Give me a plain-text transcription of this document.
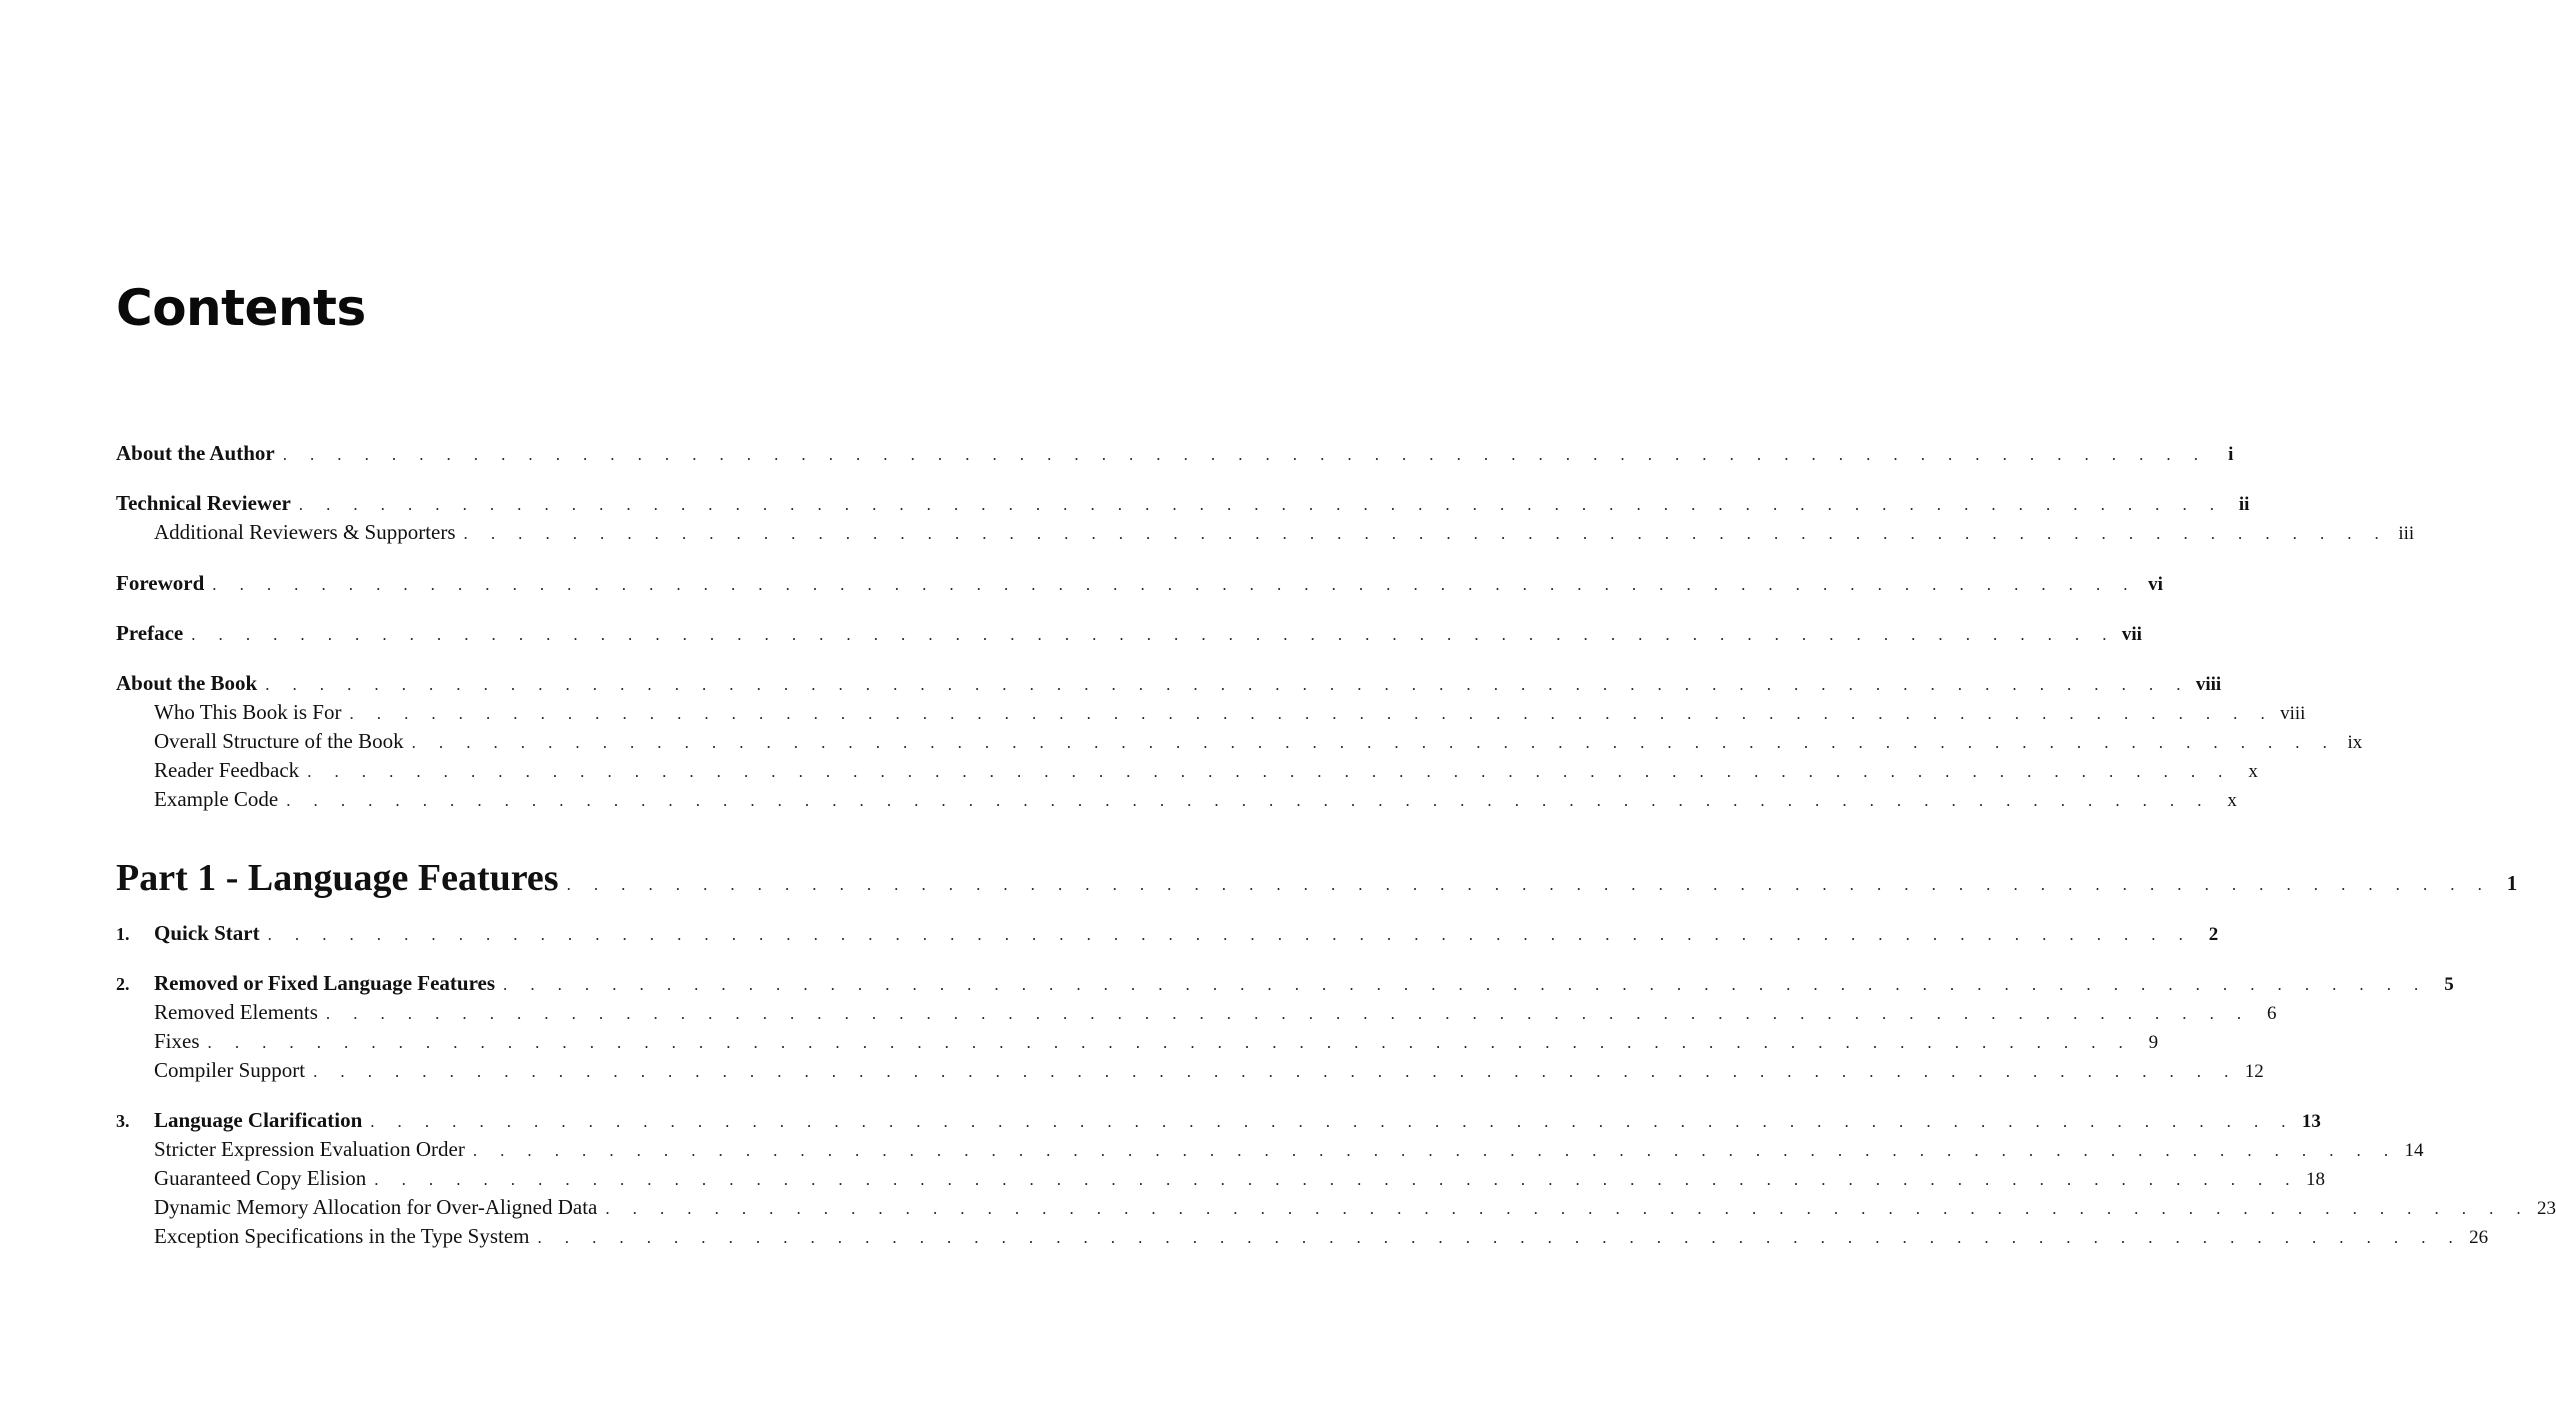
Contents
About the Author . . . . . . . . . . . . . . . . . . . . . . . . . . . . . . . . . . . . . . . . . . . . . . . . . . . . . . . . . . . . . . . . . . . . . . .	i
Technical Reviewer . . . . . . . . . . . . . . . . . . . . . . . . . . . . . . . . . . . . . . . . . . . . . . . . . . . . . . . . . . . . . . . . . . . . . . . ii
Additional Reviewers & Supporters . . . . . . . . . . . . . . . . . . . . . . . . . . . . . . . . . . . . . . . . . . . . . . . . . . . . . . . . . . . . . . . . . . . . . . . iii
Foreword . . . . . . . . . . . . . . . . . . . . . . . . . . . . . . . . . . . . . . . . . . . . . . . . . . . . . . . . . . . . . . . . . . . . . . . vi
Preface . . . . . . . . . . . . . . . . . . . . . . . . . . . . . . . . . . . . . . . . . . . . . . . . . . . . . . . . . . . . . . . . . . . . . . . vii
About the Book . . . . . . . . . . . . . . . . . . . . . . . . . . . . . . . . . . . . . . . . . . . . . . . . . . . . . . . . . . . . . . . . . . . . . . . viii
Who This Book is For . . . . . . . . . . . . . . . . . . . . . . . . . . . . . . . . . . . . . . . . . . . . . . . . . . . . . . . . . . . . . . . . . . . . . . . viii
Overall Structure of the Book . . . . . . . . . . . . . . . . . . . . . . . . . . . . . . . . . . . . . . . . . . . . . . . . . . . . . . . . . . . . . . . . . . . . . . . ix
Reader Feedback . . . . . . . . . . . . . . . . . . . . . . . . . . . . . . . . . . . . . . . . . . . . . . . . . . . . . . . . . . . . . . . . . . . . . . . x
Example Code . . . . . . . . . . . . . . . . . . . . . . . . . . . . . . . . . . . . . . . . . . . . . . . . . . . . . . . . . . . . . . . . . . . . . . . x
Part 1 - Language Features . . . . . . . . . . . . . . . . . . . . . . . . . . . . . . . . . . . . . . . . . . . . . . . . . . . . . . . . . . . . . . . . . . . . . . . 1
1.	Quick Start . . . . . . . . . . . . . . . . . . . . . . . . . . . . . . . . . . . . . . . . . . . . . . . . . . . . . . . . . . . . . . . . . . . . . . . 2
2.	Removed or Fixed Language Features . . . . . . . . . . . . . . . . . . . . . . . . . . . . . . . . . . . . . . . . . . . . . . . . . . . . . . . . . . . . . . . . . . . . . . . 5
Removed Elements . . . . . . . . . . . . . . . . . . . . . . . . . . . . . . . . . . . . . . . . . . . . . . . . . . . . . . . . . . . . . . . . . . . . . . . 6
Fixes . . . . . . . . . . . . . . . . . . . . . . . . . . . . . . . . . . . . . . . . . . . . . . . . . . . . . . . . . . . . . . . . . . . . . . . 9
Compiler Support . . . . . . . . . . . . . . . . . . . . . . . . . . . . . . . . . . . . . . . . . . . . . . . . . . . . . . . . . . . . . . . . . . . . . . . 12
3.	Language Clarification . . . . . . . . . . . . . . . . . . . . . . . . . . . . . . . . . . . . . . . . . . . . . . . . . . . . . . . . . . . . . . . . . . . . . . . 13
Stricter Expression Evaluation Order . . . . . . . . . . . . . . . . . . . . . . . . . . . . . . . . . . . . . . . . . . . . . . . . . . . . . . . . . . . . . . . . . . . . . . . 14
Guaranteed Copy Elision . . . . . . . . . . . . . . . . . . . . . . . . . . . . . . . . . . . . . . . . . . . . . . . . . . . . . . . . . . . . . . . . . . . . . . . 18
Dynamic Memory Allocation for Over-Aligned Data . . . . . . . . . . . . . . . . . . . . . . . . . . . . . . . . . . . . . . . . . . . . . . . . . . . . . . . . . . . . . . . . . . . . . . . 23
Exception Specifications in the Type System . . . . . . . . . . . . . . . . . . . . . . . . . . . . . . . . . . . . . . . . . . . . . . . . . . . . . . . . . . . . . . . . . . . . . . . 26
